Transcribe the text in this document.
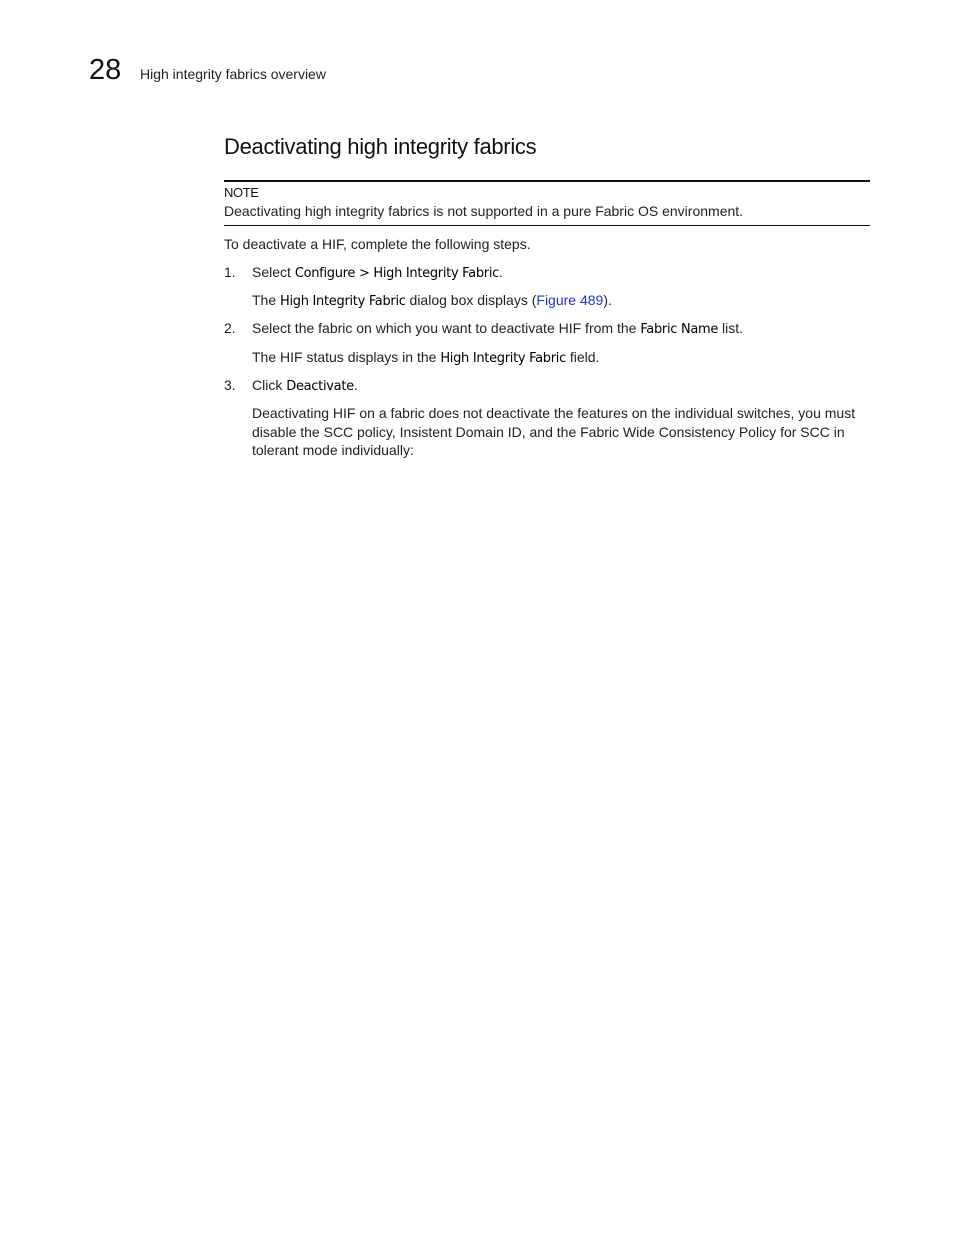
28 High integrity fabrics overview
Deactivating high integrity fabrics
NOTE
Deactivating high integrity fabrics is not supported in a pure Fabric OS environment.
To deactivate a HIF, complete the following steps.
1. Select Configure > High Integrity Fabric.
The High Integrity Fabric dialog box displays (Figure 489).
2. Select the fabric on which you want to deactivate HIF from the Fabric Name list.
The HIF status displays in the High Integrity Fabric field.
3. Click Deactivate.
Deactivating HIF on a fabric does not deactivate the features on the individual switches, you must disable the SCC policy, Insistent Domain ID, and the Fabric Wide Consistency Policy for SCC in tolerant mode individually:
